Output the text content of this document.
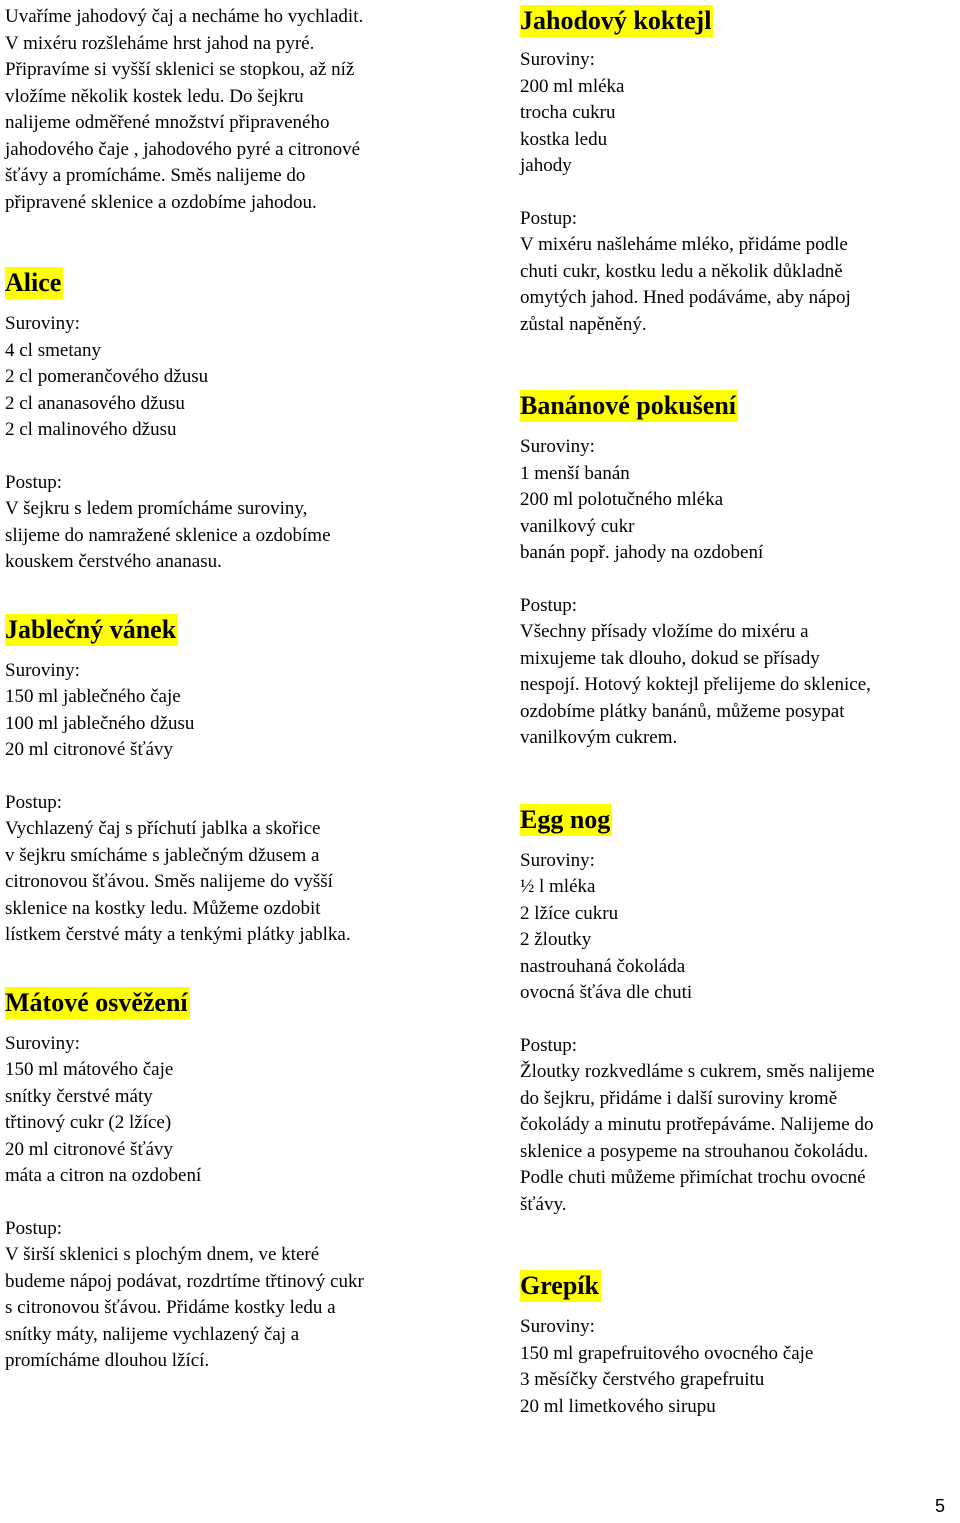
Uvaříme jahodový čaj a necháme ho vychladit.
V mixéru rozšleháme hrst jahod na pyré.
Připravíme si vyšší sklenici se stopkou, až níž
vložíme několik kostek ledu. Do šejkru
nalijeme odměřené množství připraveného
jahodového čaje , jahodového pyré a citronové
šťávy a promícháme. Směs nalijeme do
připravené sklenice a ozdobíme jahodou.

Alice

Suroviny:

4 cl smetany
2 cl pomerančového džusu
2 cl ananasového džusu
2 cl malinového džusu

Postup:

V šejkru s ledem promícháme suroviny,
slijeme do namražené sklenice a ozdobíme
kouskem čerstvého ananasu.

Jablečný vánek

Suroviny:

150 ml jablečného čaje
100 ml jablečného džusu
20 ml citronové šťávy

Postup:

Vychlazený čaj s příchutí jablka a skořice
v šejkru smícháme s jablečným džusem a
citronovou šťávou. Směs nalijeme do vyšší
sklenice na kostky ledu. Můžeme ozdobit
lístkem čerstvé máty a tenkými plátky jablka.

Mátové osvěžení

Suroviny:

150 ml mátového čaje
snítky čerstvé máty
třtinový cukr (2 lžíce)
20 ml citronové šťávy
máta a citron na ozdobení

Postup:

V širší sklenici s plochým dnem, ve které
budeme nápoj podávat, rozdrtíme třtinový cukr
s citronovou šťávou. Přidáme kostky ledu a
snítky máty, nalijeme vychlazený čaj a
promícháme dlouhou lžící.

Jahodový koktejl

Suroviny:

200 ml mléka
trocha cukru
kostka ledu
jahody

Postup:

V mixéru našleháme mléko, přidáme podle
chuti cukr, kostku ledu a několik důkladně
omytých jahod. Hned podáváme, aby nápoj
zůstal napěněný.

Banánové pokušení

Suroviny:

1 menší banán
200 ml polotučného mléka
vanilkový cukr
banán popř. jahody na ozdobení

Postup:

Všechny přísady vložíme do mixéru a
mixujeme tak dlouho, dokud se přísady
nespojí. Hotový koktejl přelijeme do sklenice,
ozdobíme plátky banánů, můžeme posypat
vanilkovým cukrem.

Egg nog

Suroviny:

½ l mléka
2 lžíce cukru
2 žloutky
nastrouhaná čokoláda
ovocná šťáva dle chuti

Postup:

Žloutky rozkvedláme s cukrem, směs nalijeme
do šejkru, přidáme i další suroviny kromě
čokolády a minutu protřepáváme. Nalijeme do
sklenice a posypeme na strouhanou čokoládu.
Podle chuti můžeme přimíchat trochu ovocné
šťávy.

Grepík

Suroviny:

150 ml grapefruitového ovocného čaje
3 měsíčky čerstvého grapefruitu
20 ml limetkového sirupu

5
